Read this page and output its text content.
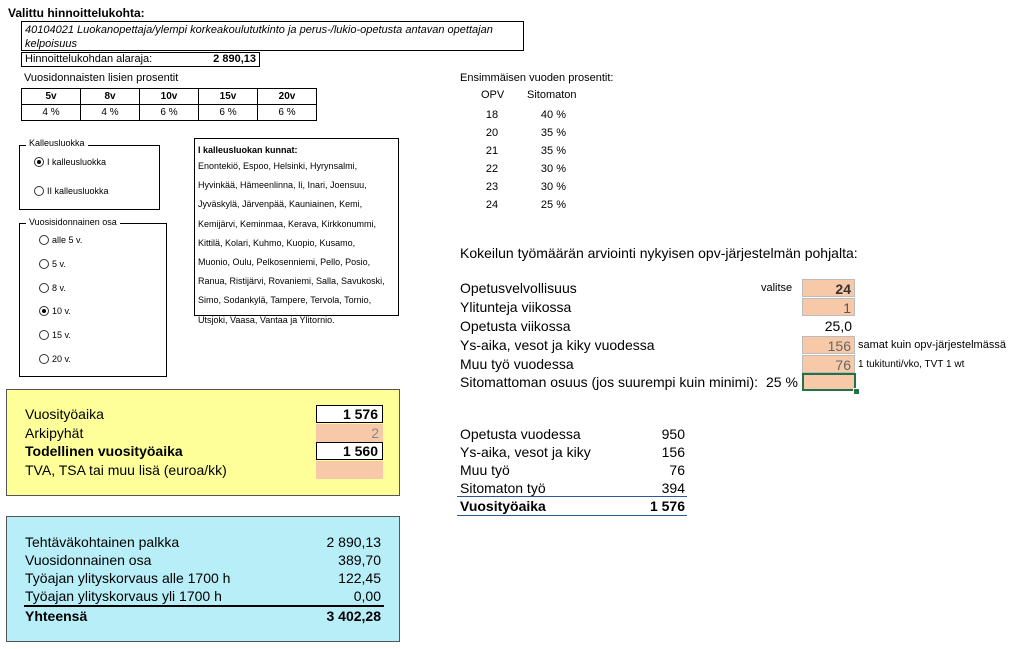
Valittu hinnoittelukohta:
40104021 Luokanopettaja/ylempi korkeakoulututkinto ja perus-/lukio-opetusta antavan opettajan kelpoisuus
Hinnoittelukohdan alaraja:	2 890,13
Vuosidonnaisten lisien prosentit
5v	8v	10v	15v	20v
4 %	4 %	6 %	6 %	6 %
Ensimmäisen vuoden prosentit:
OPV Sitomaton
18	40 %
20	35 %
21	35 %
22	30 %
23	30 %
24	25 %
Kalleusluokka
I kalleusluokka
II kalleusluokka
Vuosisidonnainen osa
alle 5 v.
5 v.
8 v.
10 v.
15 v.
20 v.
I kalleusluokan kunnat:
Enontekiö, Espoo, Helsinki, Hyrynsalmi,
Hyvinkää, Hämeenlinna, Ii, Inari, Joensuu,
Jyväskylä, Järvenpää, Kauniainen, Kemi,
Kemijärvi, Keminmaa, Kerava, Kirkkonummi,
Kittilä, Kolari, Kuhmo, Kuopio, Kusamo,
Muonio, Oulu, Pelkosenniemi, Pello, Posio,
Ranua, Ristijärvi, Rovaniemi, Salla, Savukoski,
Simo, Sodankylä, Tampere, Tervola, Tornio,
Utsjoki, Vaasa, Vantaa ja Ylitornio.
Vuosityöaika	1 576
Arkipyhät	2
Todellinen vuosityöaika	1 560
TVA, TSA tai muu lisä (euroa/kk)
Tehtäväkohtainen palkka	2 890,13
Vuosidonnainen osa	389,70
Työajan ylityskorvaus alle 1700 h	122,45
Työajan ylityskorvaus yli 1700 h	0,00
Yhteensä	3 402,28
Kokeilun työmäärän arviointi nykyisen opv-järjestelmän pohjalta:
Opetusvelvollisuus	valitse	24
Ylitunteja viikossa	1
Opetusta viikossa	25,0
Ys-aika, vesot ja kiky vuodessa	156 samat kuin opv-järjestelmässä
Muu työ vuodessa	76 1 tukitunti/vko, TVT 1 wt
Sitomattoman osuus (jos suurempi kuin minimi): 25 %
Opetusta vuodessa	950
Ys-aika, vesot ja kiky	156
Muu työ	76
Sitomaton työ	394
Vuosityöaika	1 576
